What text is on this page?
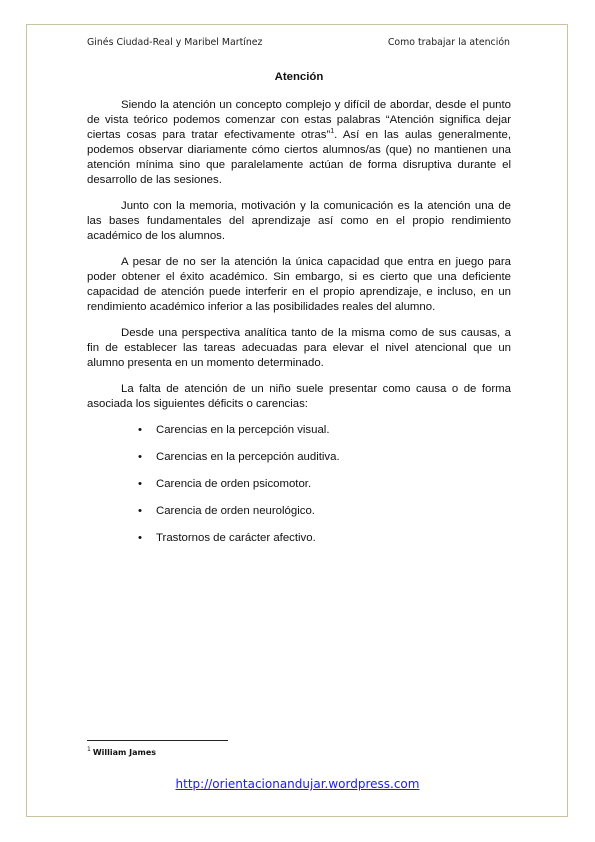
Ginés Ciudad-Real y Maribel Martínez	Como trabajar la atención
Atención

Siendo la atención un concepto complejo y difícil de abordar, desde el punto de vista teórico podemos comenzar con estas palabras “Atención significa dejar ciertas cosas para tratar efectivamente otras”$^1$. Así en las aulas generalmente, podemos observar diariamente cómo ciertos alumnos/as (que) no mantienen una atención mínima sino que paralelamente actúan de forma disruptiva durante el desarrollo de las sesiones.

Junto con la memoria, motivación y la comunicación es la atención una de las bases fundamentales del aprendizaje así como en el propio rendimiento académico de los alumnos.

A pesar de no ser la atención la única capacidad que entra en juego para poder obtener el éxito académico. Sin embargo, si es cierto que una deficiente capacidad de atención puede interferir en el propio aprendizaje, e incluso, en un rendimiento académico inferior a las posibilidades reales del alumno.

Desde una perspectiva analítica tanto de la misma como de sus causas, a fin de establecer las tareas adecuadas para elevar el nivel atencional que un alumno presenta en un momento determinado.

La falta de atención de un niño suele presentar como causa o de forma asociada los siguientes déficits o carencias:

• Carencias en la percepción visual.
• Carencias en la percepción auditiva.
• Carencia de orden psicomotor.
• Carencia de orden neurológico.
• Trastornos de carácter afectivo.
$^1$ William James
http://orientacionandujar.wordpress.com
